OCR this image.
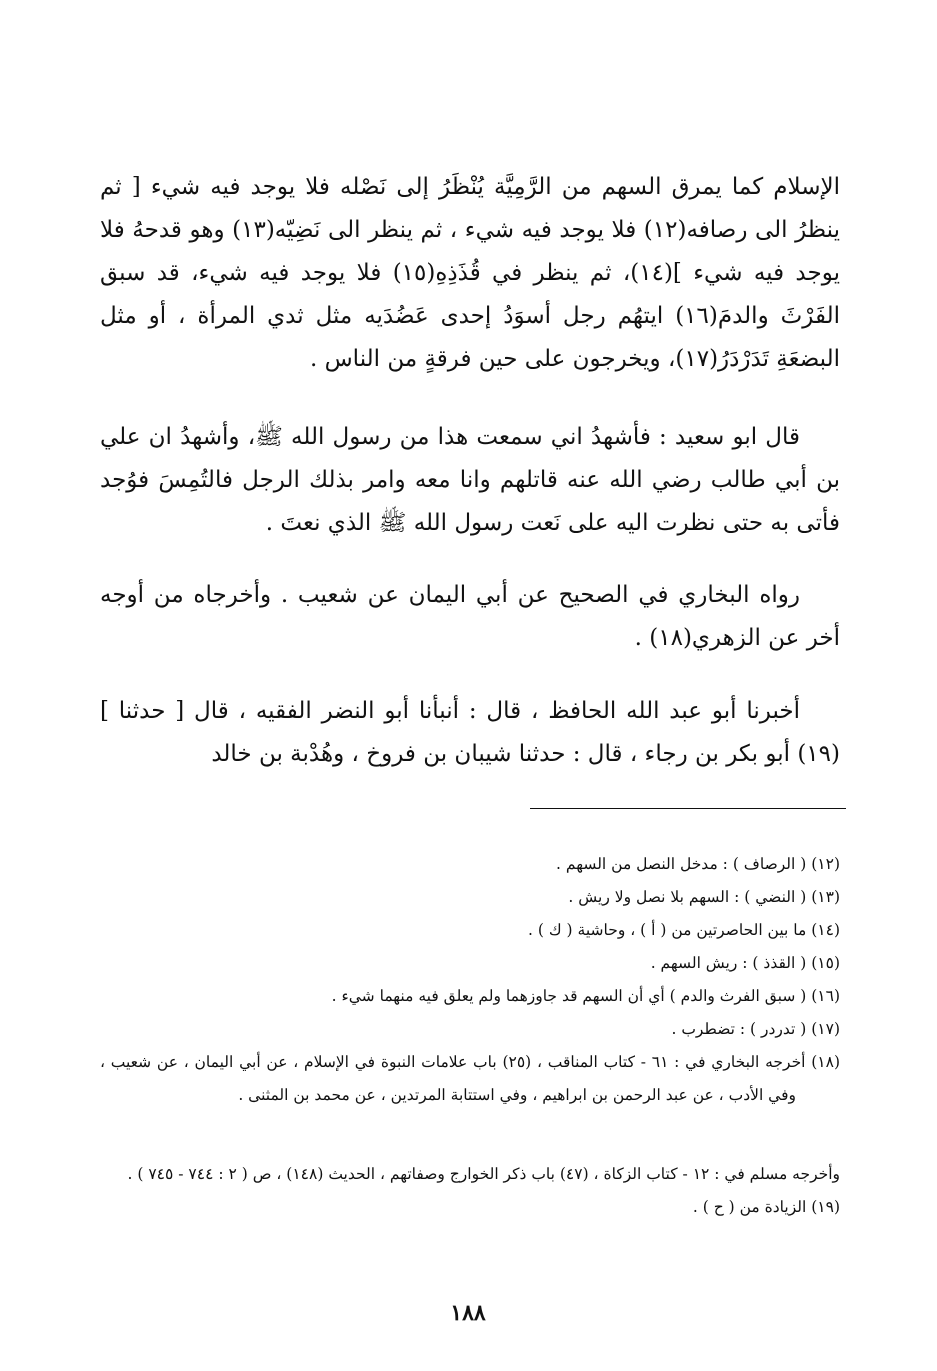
الإسلام كما يمرق السهم من الرَّمِيَّة يُنْظَرُ إلى نَصْله فلا يوجد فيه شيء [ ثم ينظرُ الى رصافه(١٢) فلا يوجد فيه شيء ، ثم ينظر الى نَضِيّه(١٣) وهو قدحهُ فلا يوجد فيه شيء ](١٤)، ثم ينظر في قُذَذِهِ(١٥) فلا يوجد فيه شيء، قد سبق الفَرْثَ والدمَ(١٦) ايتهُم رجل أسوَدُ إحدى عَضُدَيه مثل ثدي المرأة ، أو مثل البضعَةِ تَدَرْدَرُ(١٧)، ويخرجون على حين فرقةٍ من الناس .

قال ابو سعيد : فأشهدُ اني سمعت هذا من رسول الله ﷺ، وأشهدُ ان علي بن أبي طالب رضي الله عنه قاتلهم وانا معه وامر بذلك الرجل فالتُمِسَ فوُجد فأتى به حتى نظرت اليه على نَعت رسول الله ﷺ الذي نعتَ .

رواه البخاري في الصحيح عن أبي اليمان عن شعيب . وأخرجاه من أوجه أخر عن الزهري(١٨) .

أخبرنا أبو عبد الله الحافظ ، قال : أنبأنا أبو النضر الفقيه ، قال [ حدثنا ](١٩) أبو بكر بن رجاء ، قال : حدثنا شيبان بن فروخ ، وهُدْبة بن خالد

(١٢) ( الرصاف ) : مدخل النصل من السهم .

(١٣) ( النضي ) : السهم بلا نصل ولا ريش .

(١٤) ما بين الحاصرتين من ( أ ) ، وحاشية ( ك ) .

(١٥) ( القذذ ) : ريش السهم .

(١٦) ( سبق الفرث والدم ) أي أن السهم قد جاوزهما ولم يعلق فيه منهما شيء .

(١٧) ( تدردر ) : تضطرب .

(١٨) أخرجه البخاري في : ٦١ - كتاب المناقب ، (٢٥) باب علامات النبوة في الإسلام ، عن أبي اليمان ، عن شعيب ، وفي الأدب ، عن عبد الرحمن بن ابراهيم ، وفي استتابة المرتدين ، عن محمد بن المثنى .

وأخرجه مسلم في : ١٢ - كتاب الزكاة ، (٤٧) باب ذكر الخوارج وصفاتهم ، الحديث (١٤٨) ، ص ( ٢ : ٧٤٤ - ٧٤٥ ) .

(١٩) الزيادة من ( ح ) .

١٨٨
